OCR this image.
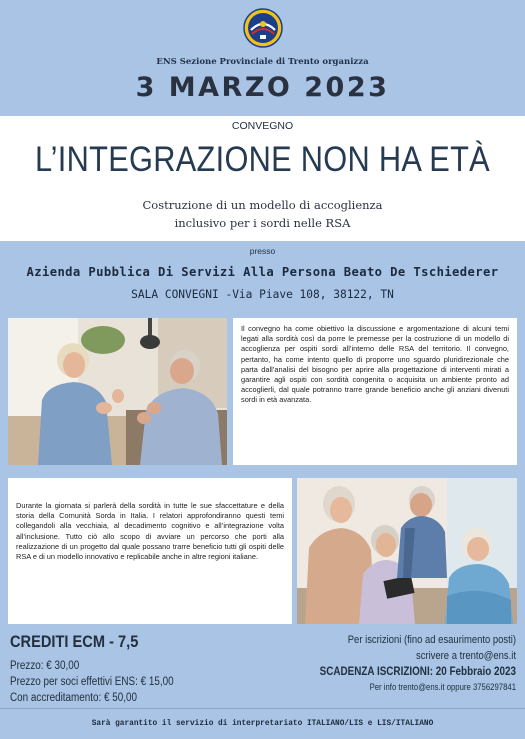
ENS Sezione Provinciale di Trento organizza
3 MARZO 2023
CONVEGNO
L’INTEGRAZIONE NON HA ETÀ
Costruzione di un modello di accoglienza
inclusivo per i sordi nelle RSA
presso
Azienda Pubblica Di Servizi Alla Persona Beato De Tschiederer
SALA CONVEGNI -Via Piave 108, 38122, TN

Il convegno ha come obiettivo la discussione e argomentazione di alcuni temi legati alla sordità così da porre le premesse per la costruzione di un modello di accoglienza per ospiti sordi all’interno delle RSA del territorio. Il convegno, pertanto, ha come intento quello di proporre uno sguardo pluridirezionale che parta dall’analisi del bisogno per aprire alla progettazione di interventi mirati a garantire agli ospiti con sordità congenita o acquisita un ambiente pronto ad accoglierli, dal quale potranno trarre grande beneficio anche gli anziani divenuti sordi in età avanzata.

Durante la giornata si parlerà della sordità in tutte le sue sfaccettature e della storia della Comunità Sorda in Italia. I relatori approfondiranno questi temi collegandoli alla vecchiaia, al decadimento cognitivo e all’integrazione volta all’inclusione. Tutto ciò allo scopo di avviare un percorso che porti alla realizzazione di un progetto dal quale possano trarre beneficio tutti gli ospiti delle RSA e di un modello innovativo e replicabile anche in altre regioni italiane.

CREDITI ECM - 7,5
Prezzo: € 30,00
Prezzo per soci effettivi ENS: € 15,00
Con accreditamento: € 50,00
Per iscrizioni (fino ad esaurimento posti)
scrivere a trento@ens.it
SCADENZA ISCRIZIONI: 20 Febbraio 2023
Per info trento@ens.it oppure 3756297841
Sarà garantito il servizio di interpretariato ITALIANO/LIS e LIS/ITALIANO
